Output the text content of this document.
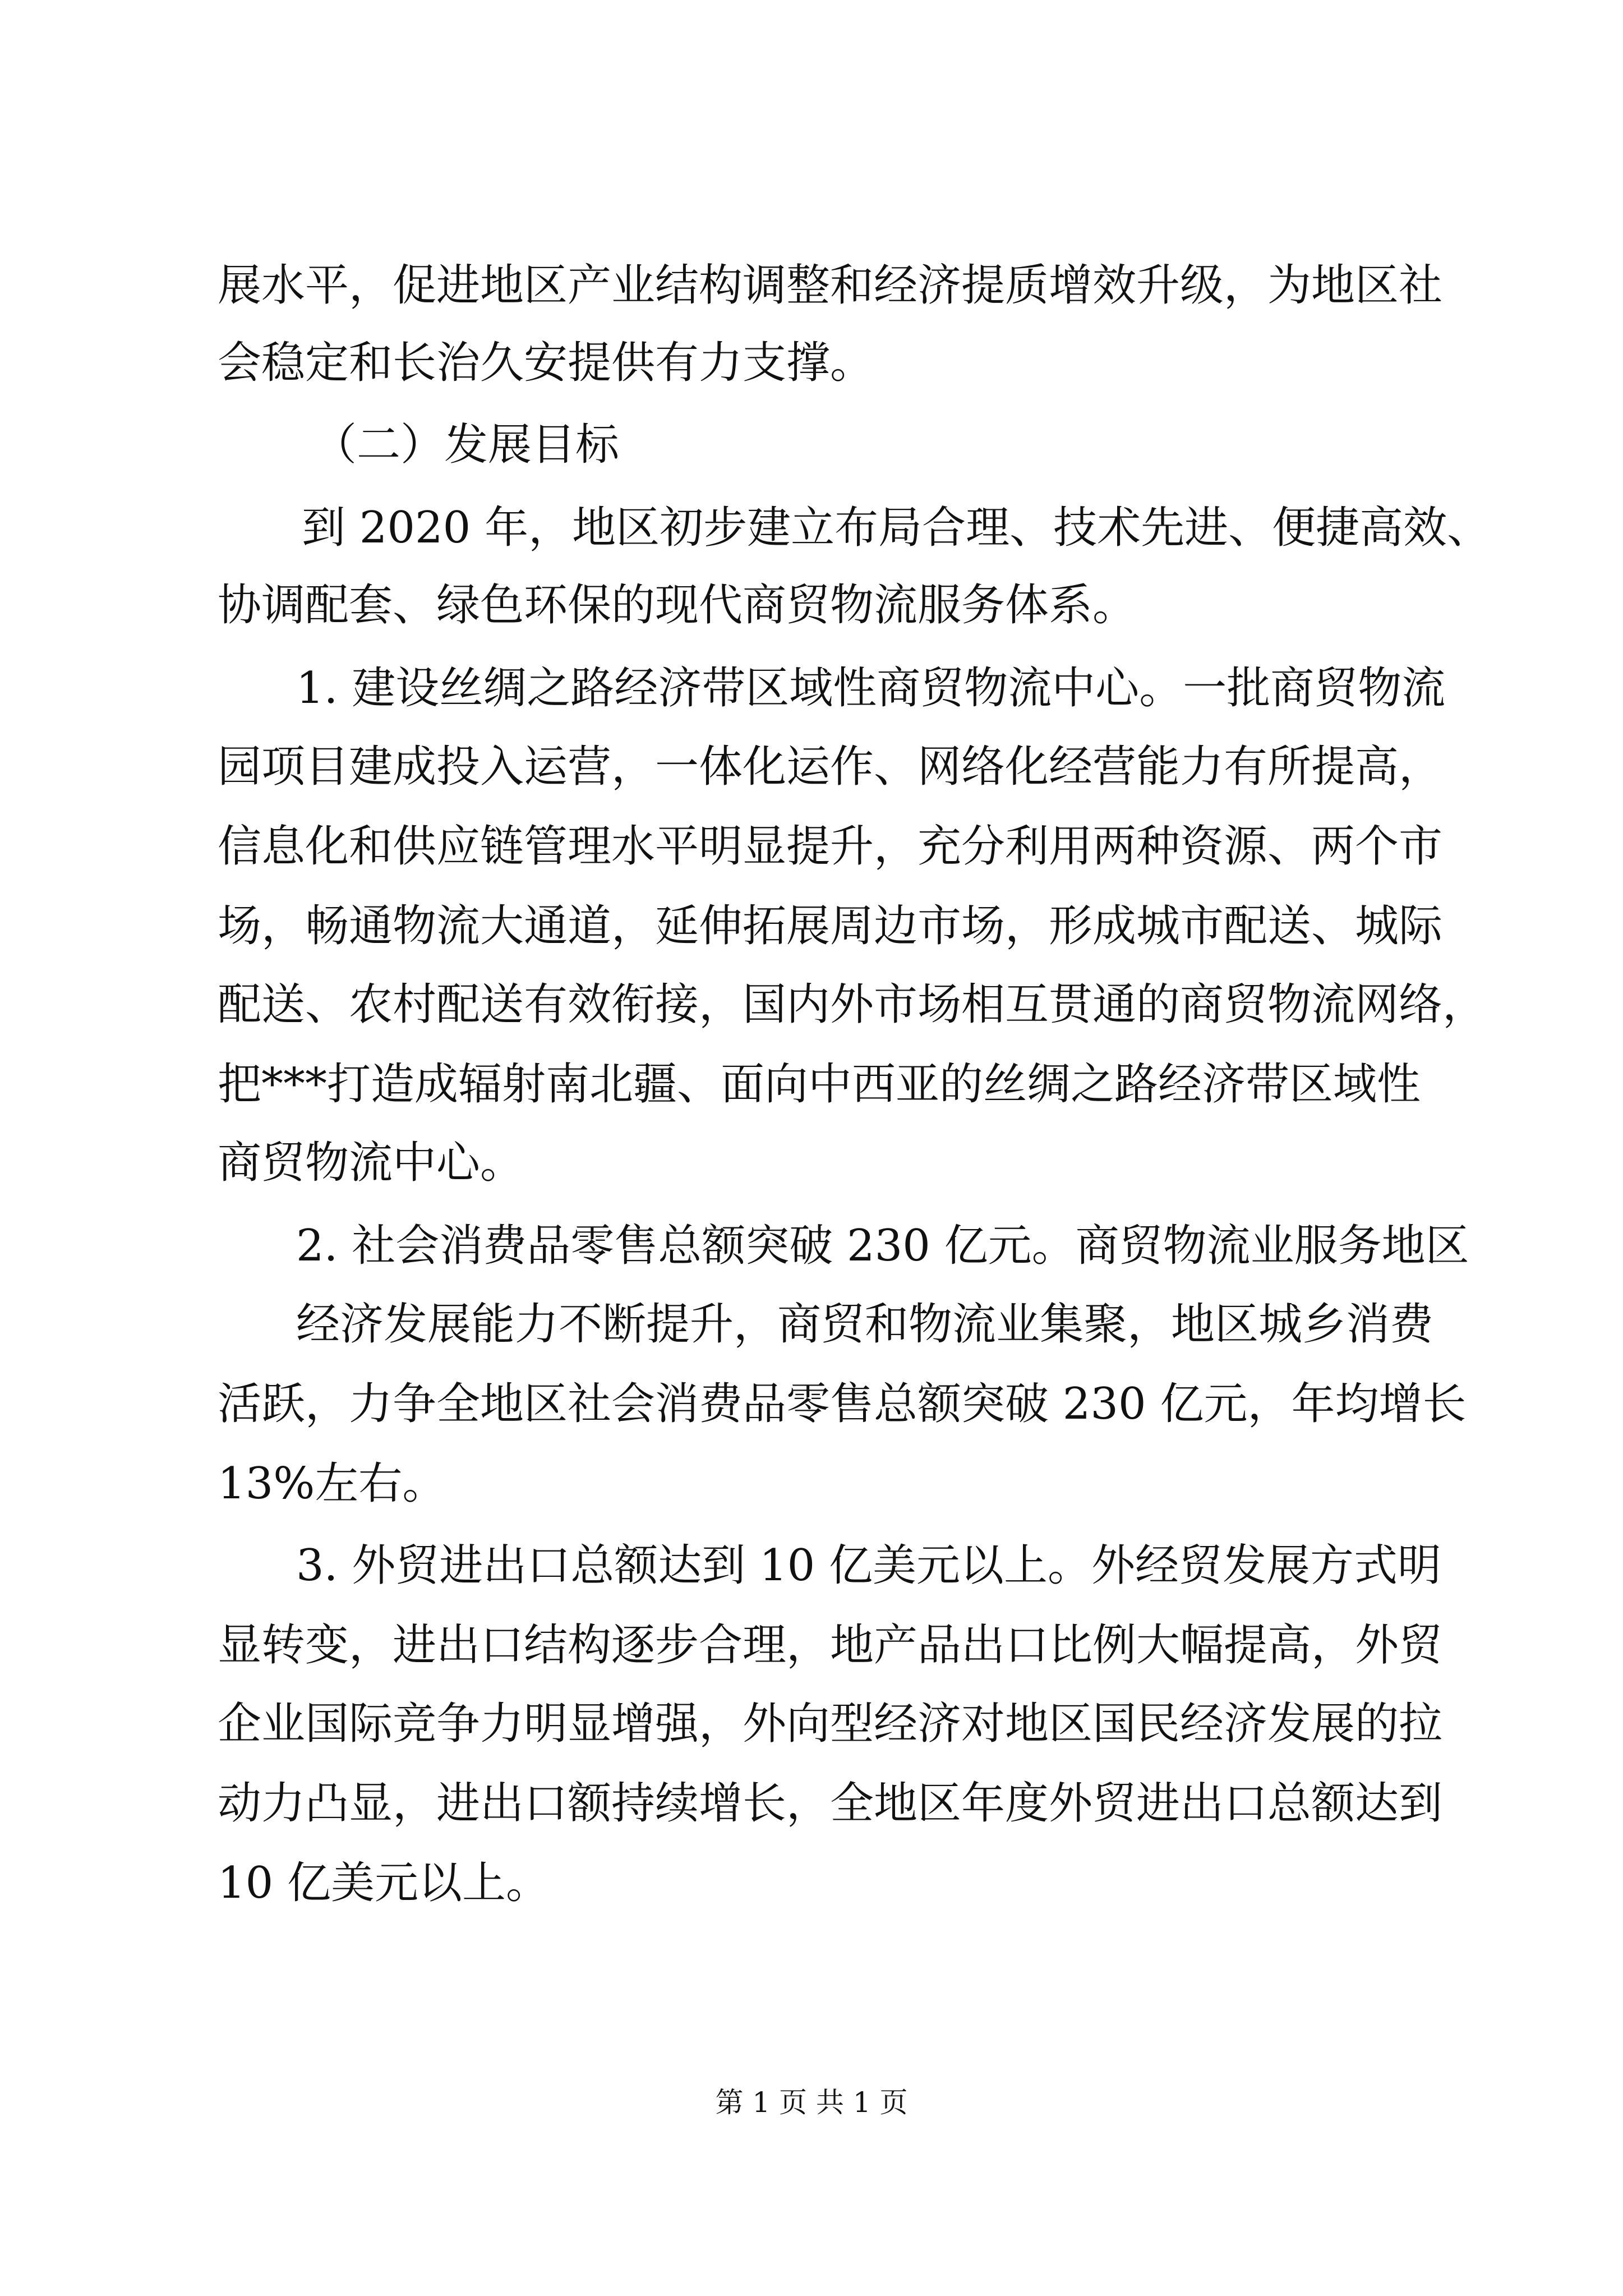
展水平，促进地区产业结构调整和经济提质增效升级，为地区社
会稳定和长治久安提供有力支撑。
（二）发展目标
到 2020 年，地区初步建立布局合理、技术先进、便捷高效、
协调配套、绿色环保的现代商贸物流服务体系。
1. 建设丝绸之路经济带区域性商贸物流中心。一批商贸物流
园项目建成投入运营，一体化运作、网络化经营能力有所提高，
信息化和供应链管理水平明显提升，充分利用两种资源、两个市
场，畅通物流大通道，延伸拓展周边市场，形成城市配送、城际
配送、农村配送有效衔接，国内外市场相互贯通的商贸物流网络，
把***打造成辐射南北疆、面向中西亚的丝绸之路经济带区域性
商贸物流中心。
2. 社会消费品零售总额突破 230 亿元。商贸物流业服务地区
经济发展能力不断提升，商贸和物流业集聚，地区城乡消费
活跃，力争全地区社会消费品零售总额突破 230 亿元，年均增长
13%左右。
3. 外贸进出口总额达到 10 亿美元以上。外经贸发展方式明
显转变，进出口结构逐步合理，地产品出口比例大幅提高，外贸
企业国际竞争力明显增强，外向型经济对地区国民经济发展的拉
动力凸显，进出口额持续增长，全地区年度外贸进出口总额达到
10 亿美元以上。
第 1 页 共 1 页
